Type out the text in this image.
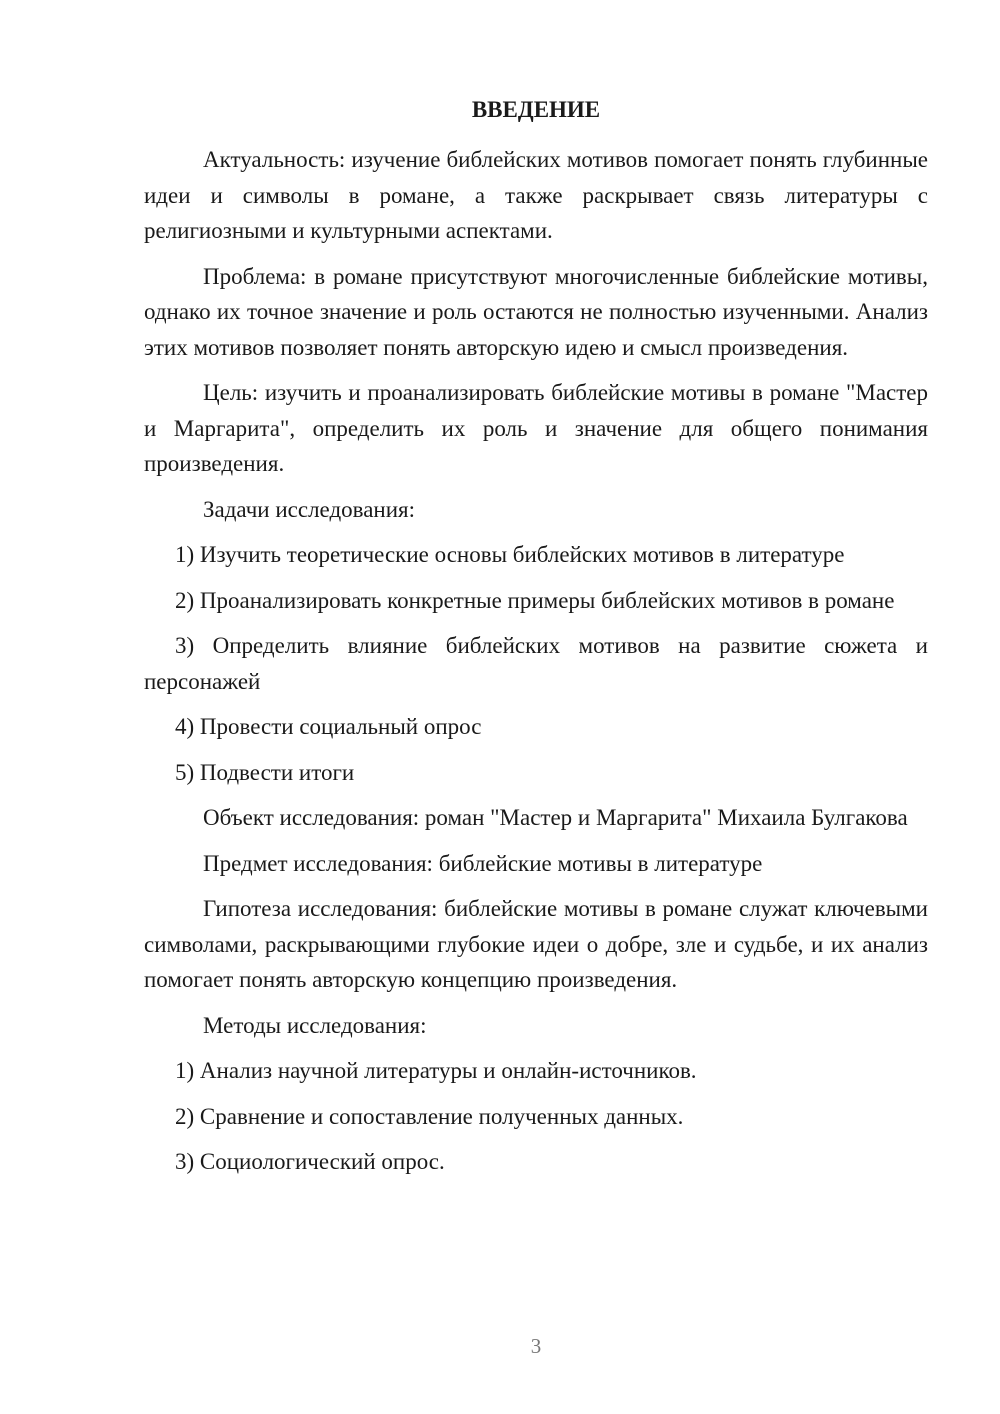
ВВЕДЕНИЕ

Актуальность: изучение библейских мотивов помогает понять глубинные идеи и символы в романе, а также раскрывает связь литературы с религиозными и культурными аспектами.

Проблема: в романе присутствуют многочисленные библейские мотивы, однако их точное значение и роль остаются не полностью изученными. Анализ этих мотивов позволяет понять авторскую идею и смысл произведения.

Цель: изучить и проанализировать библейские мотивы в романе "Мастер и Маргарита", определить их роль и значение для общего понимания произведения.

Задачи исследования:

1) Изучить теоретические основы библейских мотивов в литературе

2) Проанализировать конкретные примеры библейских мотивов в романе

3) Определить влияние библейских мотивов на развитие сюжета и персонажей

4) Провести социальный опрос

5) Подвести итоги

Объект исследования: роман "Мастер и Маргарита" Михаила Булгакова

Предмет исследования: библейские мотивы в литературе

Гипотеза исследования: библейские мотивы в романе служат ключевыми символами, раскрывающими глубокие идеи о добре, зле и судьбе, и их анализ помогает понять авторскую концепцию произведения.

Методы исследования:

1) Анализ научной литературы и онлайн-источников.

2) Сравнение и сопоставление полученных данных.

3) Социологический опрос.

3
